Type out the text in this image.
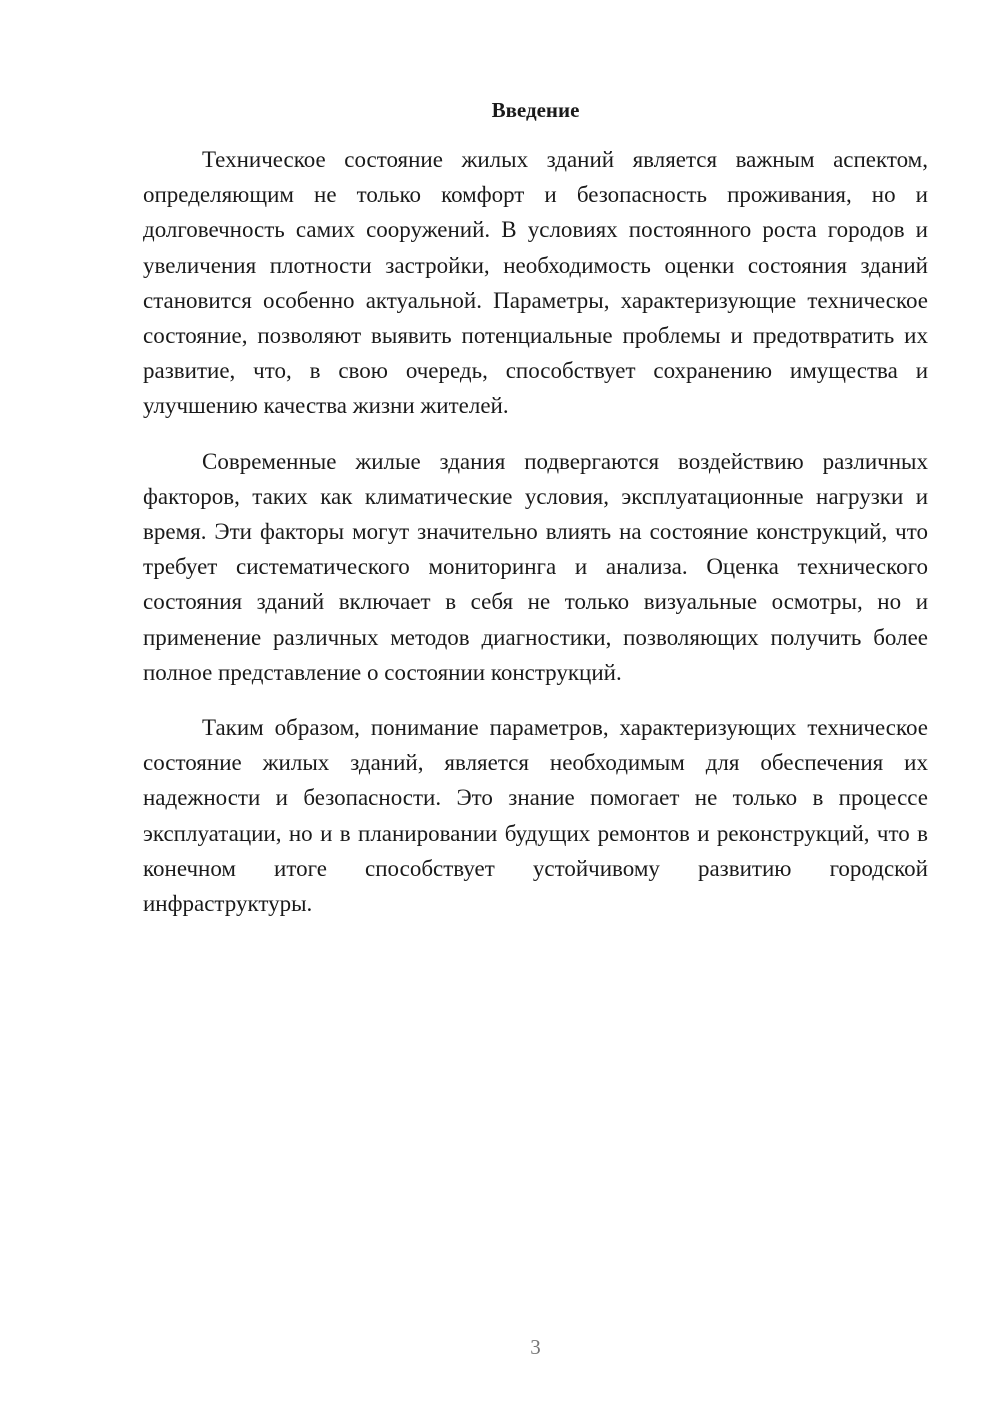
Введение

Техническое состояние жилых зданий является важным аспектом, определяющим не только комфорт и безопасность проживания, но и долговечность самих сооружений. В условиях постоянного роста городов и увеличения плотности застройки, необходимость оценки состояния зданий становится особенно актуальной. Параметры, характеризующие техническое состояние, позволяют выявить потенциальные проблемы и предотвратить их развитие, что, в свою очередь, способствует сохранению имущества и улучшению качества жизни жителей.

Современные жилые здания подвергаются воздействию различных факторов, таких как климатические условия, эксплуатационные нагрузки и время. Эти факторы могут значительно влиять на состояние конструкций, что требует систематического мониторинга и анализа. Оценка технического состояния зданий включает в себя не только визуальные осмотры, но и применение различных методов диагностики, позволяющих получить более полное представление о состоянии конструкций.

Таким образом, понимание параметров, характеризующих техническое состояние жилых зданий, является необходимым для обеспечения их надежности и безопасности. Это знание помогает не только в процессе эксплуатации, но и в планировании будущих ремонтов и реконструкций, что в конечном итоге способствует устойчивому развитию городской инфраструктуры.

3
